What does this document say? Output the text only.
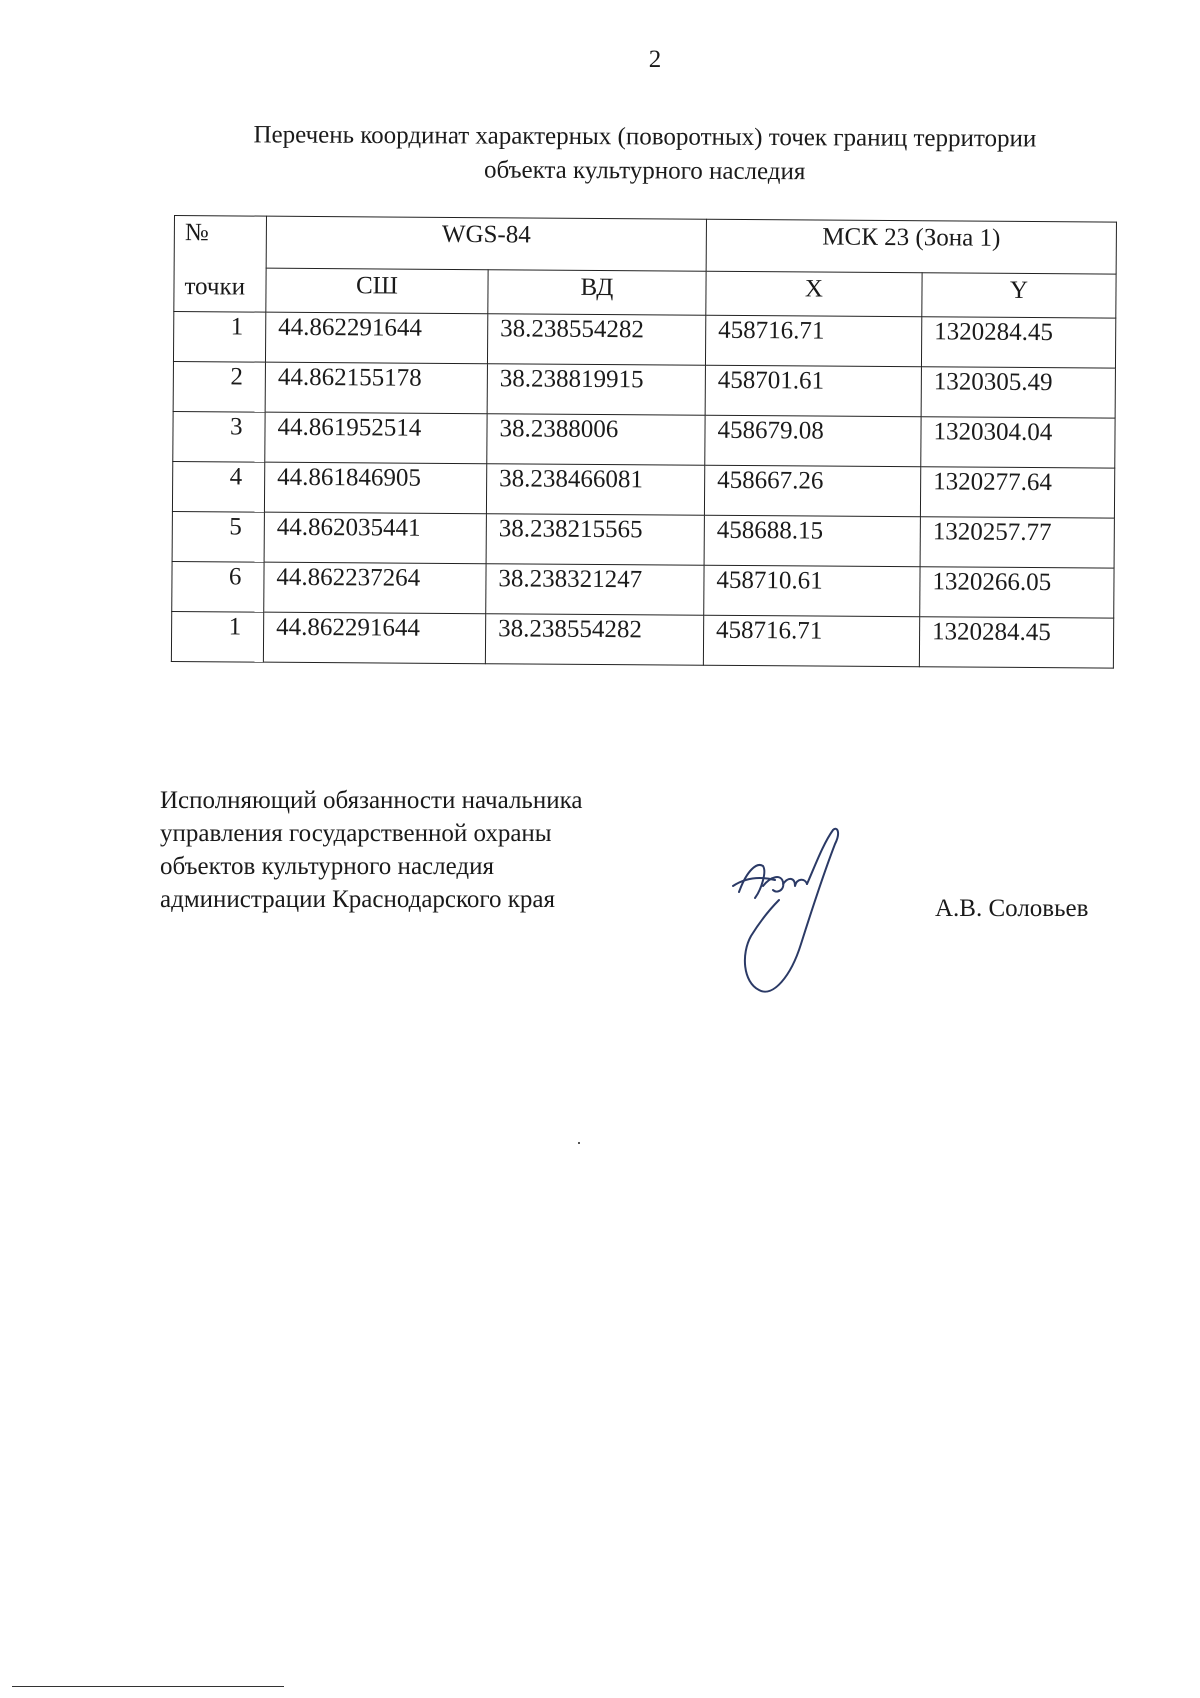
2
Перечень координат характерных (поворотных) точек границ территории
объекта культурного наследия
№
точки	WGS-84		МСК 23 (Зона 1)	
	СШ	ВД	X	Y
1	44.862291644	38.238554282	458716.71	1320284.45
2	44.862155178	38.238819915	458701.61	1320305.49
3	44.861952514	38.2388006	458679.08	1320304.04
4	44.861846905	38.238466081	458667.26	1320277.64
5	44.862035441	38.238215565	458688.15	1320257.77
6	44.862237264	38.238321247	458710.61	1320266.05
1	44.862291644	38.238554282	458716.71	1320284.45
Исполняющий обязанности начальника
управления государственной охраны
объектов культурного наследия
администрации Краснодарского края	А.В. Соловьев
